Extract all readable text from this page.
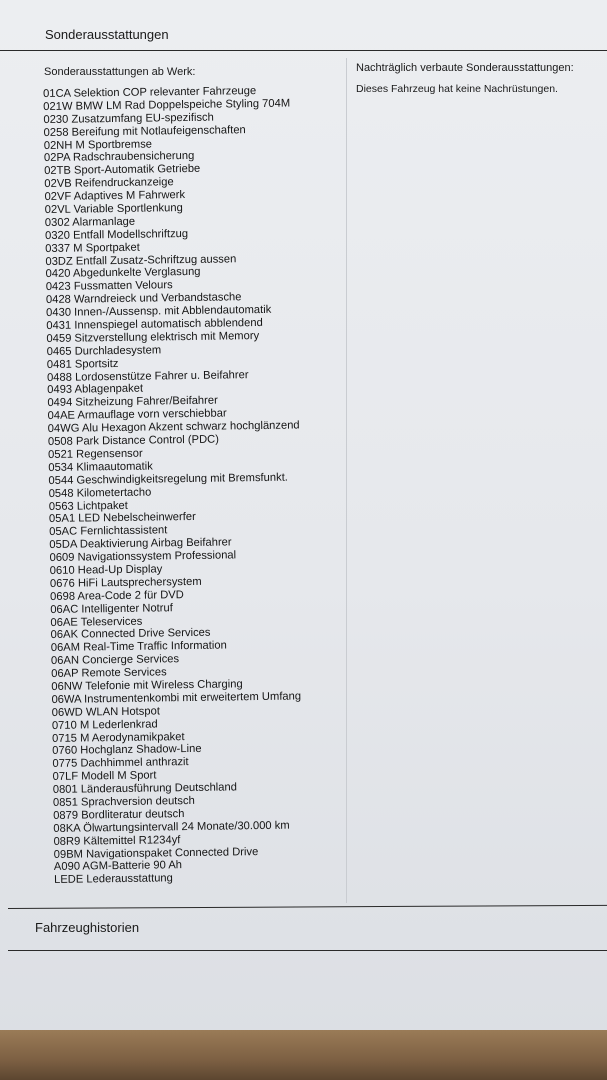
Sonderausstattungen
Sonderausstattungen ab Werk:	Nachträglich verbaute Sonderausstattungen:
Dieses Fahrzeug hat keine Nachrüstungen.
01CA Selektion COP relevanter Fahrzeuge
021W BMW LM Rad Doppelspeiche Styling 704M
0230 Zusatzumfang EU-spezifisch
0258 Bereifung mit Notlaufeigenschaften
02NH M Sportbremse
02PA Radschraubensicherung
02TB Sport-Automatik Getriebe
02VB Reifendruckanzeige
02VF Adaptives M Fahrwerk
02VL Variable Sportlenkung
0302 Alarmanlage
0320 Entfall Modellschriftzug
0337 M Sportpaket
03DZ Entfall Zusatz-Schriftzug aussen
0420 Abgedunkelte Verglasung
0423 Fussmatten Velours
0428 Warndreieck und Verbandstasche
0430 Innen-/Aussensp. mit Abblendautomatik
0431 Innenspiegel automatisch abblendend
0459 Sitzverstellung elektrisch mit Memory
0465 Durchladesystem
0481 Sportsitz
0488 Lordosenstütze Fahrer u. Beifahrer
0493 Ablagenpaket
0494 Sitzheizung Fahrer/Beifahrer
04AE Armauflage vorn verschiebbar
04WG Alu Hexagon Akzent schwarz hochglänzend
0508 Park Distance Control (PDC)
0521 Regensensor
0534 Klimaautomatik
0544 Geschwindigkeitsregelung mit Bremsfunkt.
0548 Kilometertacho
0563 Lichtpaket
05A1 LED Nebelscheinwerfer
05AC Fernlichtassistent
05DA Deaktivierung Airbag Beifahrer
0609 Navigationssystem Professional
0610 Head-Up Display
0676 HiFi Lautsprechersystem
0698 Area-Code 2 für DVD
06AC Intelligenter Notruf
06AE Teleservices
06AK Connected Drive Services
06AM Real-Time Traffic Information
06AN Concierge Services
06AP Remote Services
06NW Telefonie mit Wireless Charging
06WA Instrumentenkombi mit erweitertem Umfang
06WD WLAN Hotspot
0710 M Lederlenkrad
0715 M Aerodynamikpaket
0760 Hochglanz Shadow-Line
0775 Dachhimmel anthrazit
07LF Modell M Sport
0801 Länderausführung Deutschland
0851 Sprachversion deutsch
0879 Bordliteratur deutsch
08KA Ölwartungsintervall 24 Monate/30.000 km
08R9 Kältemittel R1234yf
09BM Navigationspaket Connected Drive
A090 AGM-Batterie 90 Ah
LEDE Lederausstattung
Fahrzeughistorien
